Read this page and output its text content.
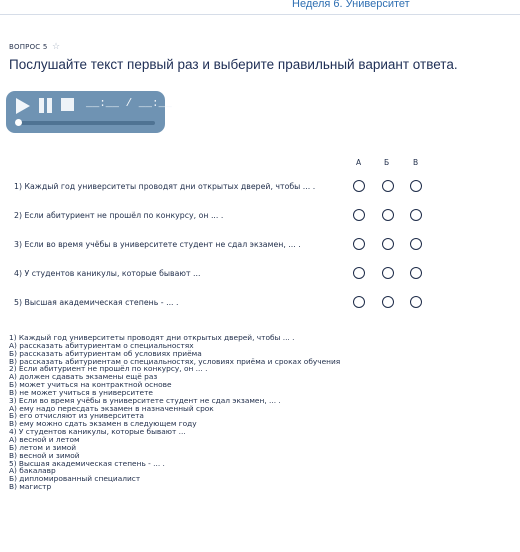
Неделя 6. Университет
ВОПРОС 5 ☆
Послушайте текст первый раз и выберите правильный вариант ответа.
__:__ / __:__
А	Б	В
1) Каждый год университеты проводят дни открытых дверей, чтобы ... .
2) Если абитуриент не прошёл по конкурсу, он ... .
3) Если во время учёбы в университете студент не сдал экзамен, ... .
4) У студентов каникулы, которые бывают ...
5) Высшая академическая степень - ... .
1) Каждый год университеты проводят дни открытых дверей, чтобы ... .
А) рассказать абитуриентам о специальностях
Б) рассказать абитуриентам об условиях приёма
В) рассказать абитуриентам о специальностях, условиях приёма и сроках обучения
2) Если абитуриент не прошёл по конкурсу, он ... .
А) должен сдавать экзамены ещё раз
Б) может учиться на контрактной основе
В) не может учиться в университете
3) Если во время учёбы в университете студент не сдал экзамен, ... .
А) ему надо пересдать экзамен в назначенный срок
Б) его отчисляют из университета
В) ему можно сдать экзамен в следующем году
4) У студентов каникулы, которые бывают ...
А) весной и летом
Б) летом и зимой
В) весной и зимой
5) Высшая академическая степень - ... .
А) бакалавр
Б) дипломированный специалист
В) магистр
